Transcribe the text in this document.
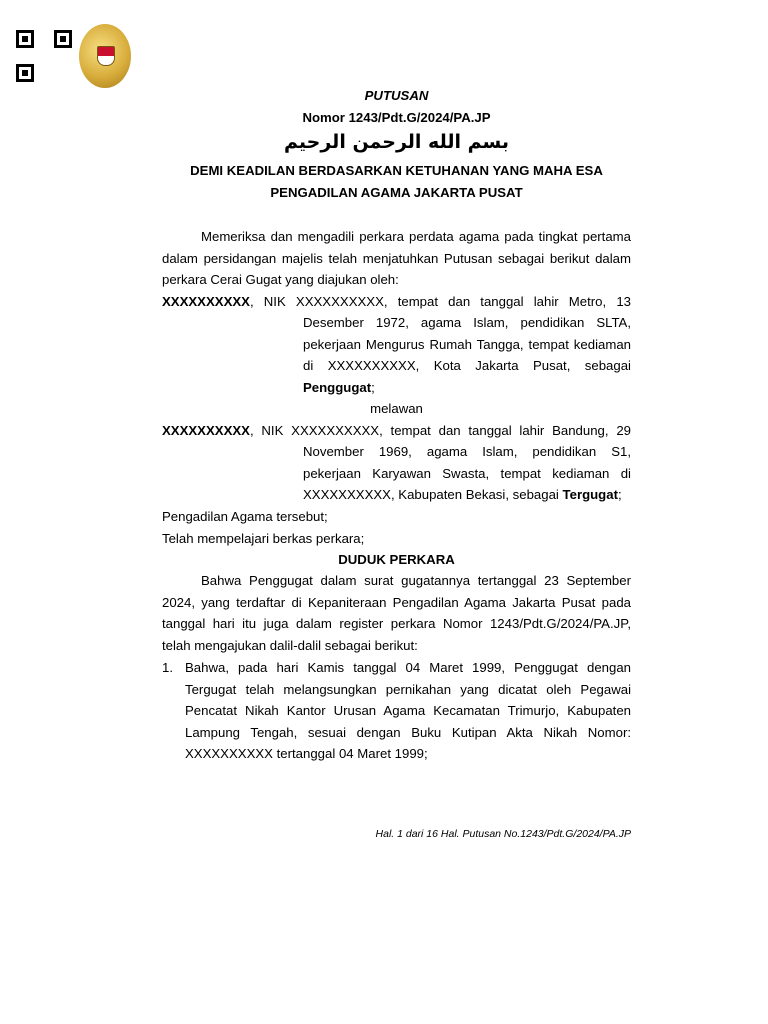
PUTUSAN
Nomor 1243/Pdt.G/2024/PA.JP
بسم الله الرحمن الرحيم
DEMI KEADILAN BERDASARKAN KETUHANAN YANG MAHA ESA
PENGADILAN AGAMA JAKARTA PUSAT
Memeriksa dan mengadili perkara perdata agama pada tingkat pertama
dalam persidangan majelis telah menjatuhkan Putusan sebagai berikut dalam
perkara Cerai Gugat yang diajukan oleh:
XXXXXXXXXX, NIK XXXXXXXXXX, tempat dan tanggal lahir Metro, 13
Desember 1972, agama Islam, pendidikan SLTA,
pekerjaan Mengurus Rumah Tangga, tempat kediaman
di XXXXXXXXXX, Kota Jakarta Pusat, sebagai
Penggugat;
melawan
XXXXXXXXXX, NIK XXXXXXXXXX, tempat dan tanggal lahir Bandung, 29
November 1969, agama Islam, pendidikan S1,
pekerjaan Karyawan Swasta, tempat kediaman di
XXXXXXXXXX, Kabupaten Bekasi, sebagai Tergugat;
Pengadilan Agama tersebut;
Telah mempelajari berkas perkara;
DUDUK PERKARA
Bahwa Penggugat dalam surat gugatannya tertanggal 23 September
2024, yang terdaftar di Kepaniteraan Pengadilan Agama Jakarta Pusat pada
tanggal hari itu juga dalam register perkara Nomor 1243/Pdt.G/2024/PA.JP,
telah mengajukan dalil-dalil sebagai berikut:
1. Bahwa, pada hari Kamis tanggal 04 Maret 1999, Penggugat dengan
Tergugat telah melangsungkan pernikahan yang dicatat oleh Pegawai
Pencatat Nikah Kantor Urusan Agama Kecamatan Trimurjo, Kabupaten
Lampung Tengah, sesuai dengan Buku Kutipan Akta Nikah Nomor:
XXXXXXXXXX tertanggal 04 Maret 1999;
Hal. 1 dari 16 Hal. Putusan No.1243/Pdt.G/2024/PA.JP
